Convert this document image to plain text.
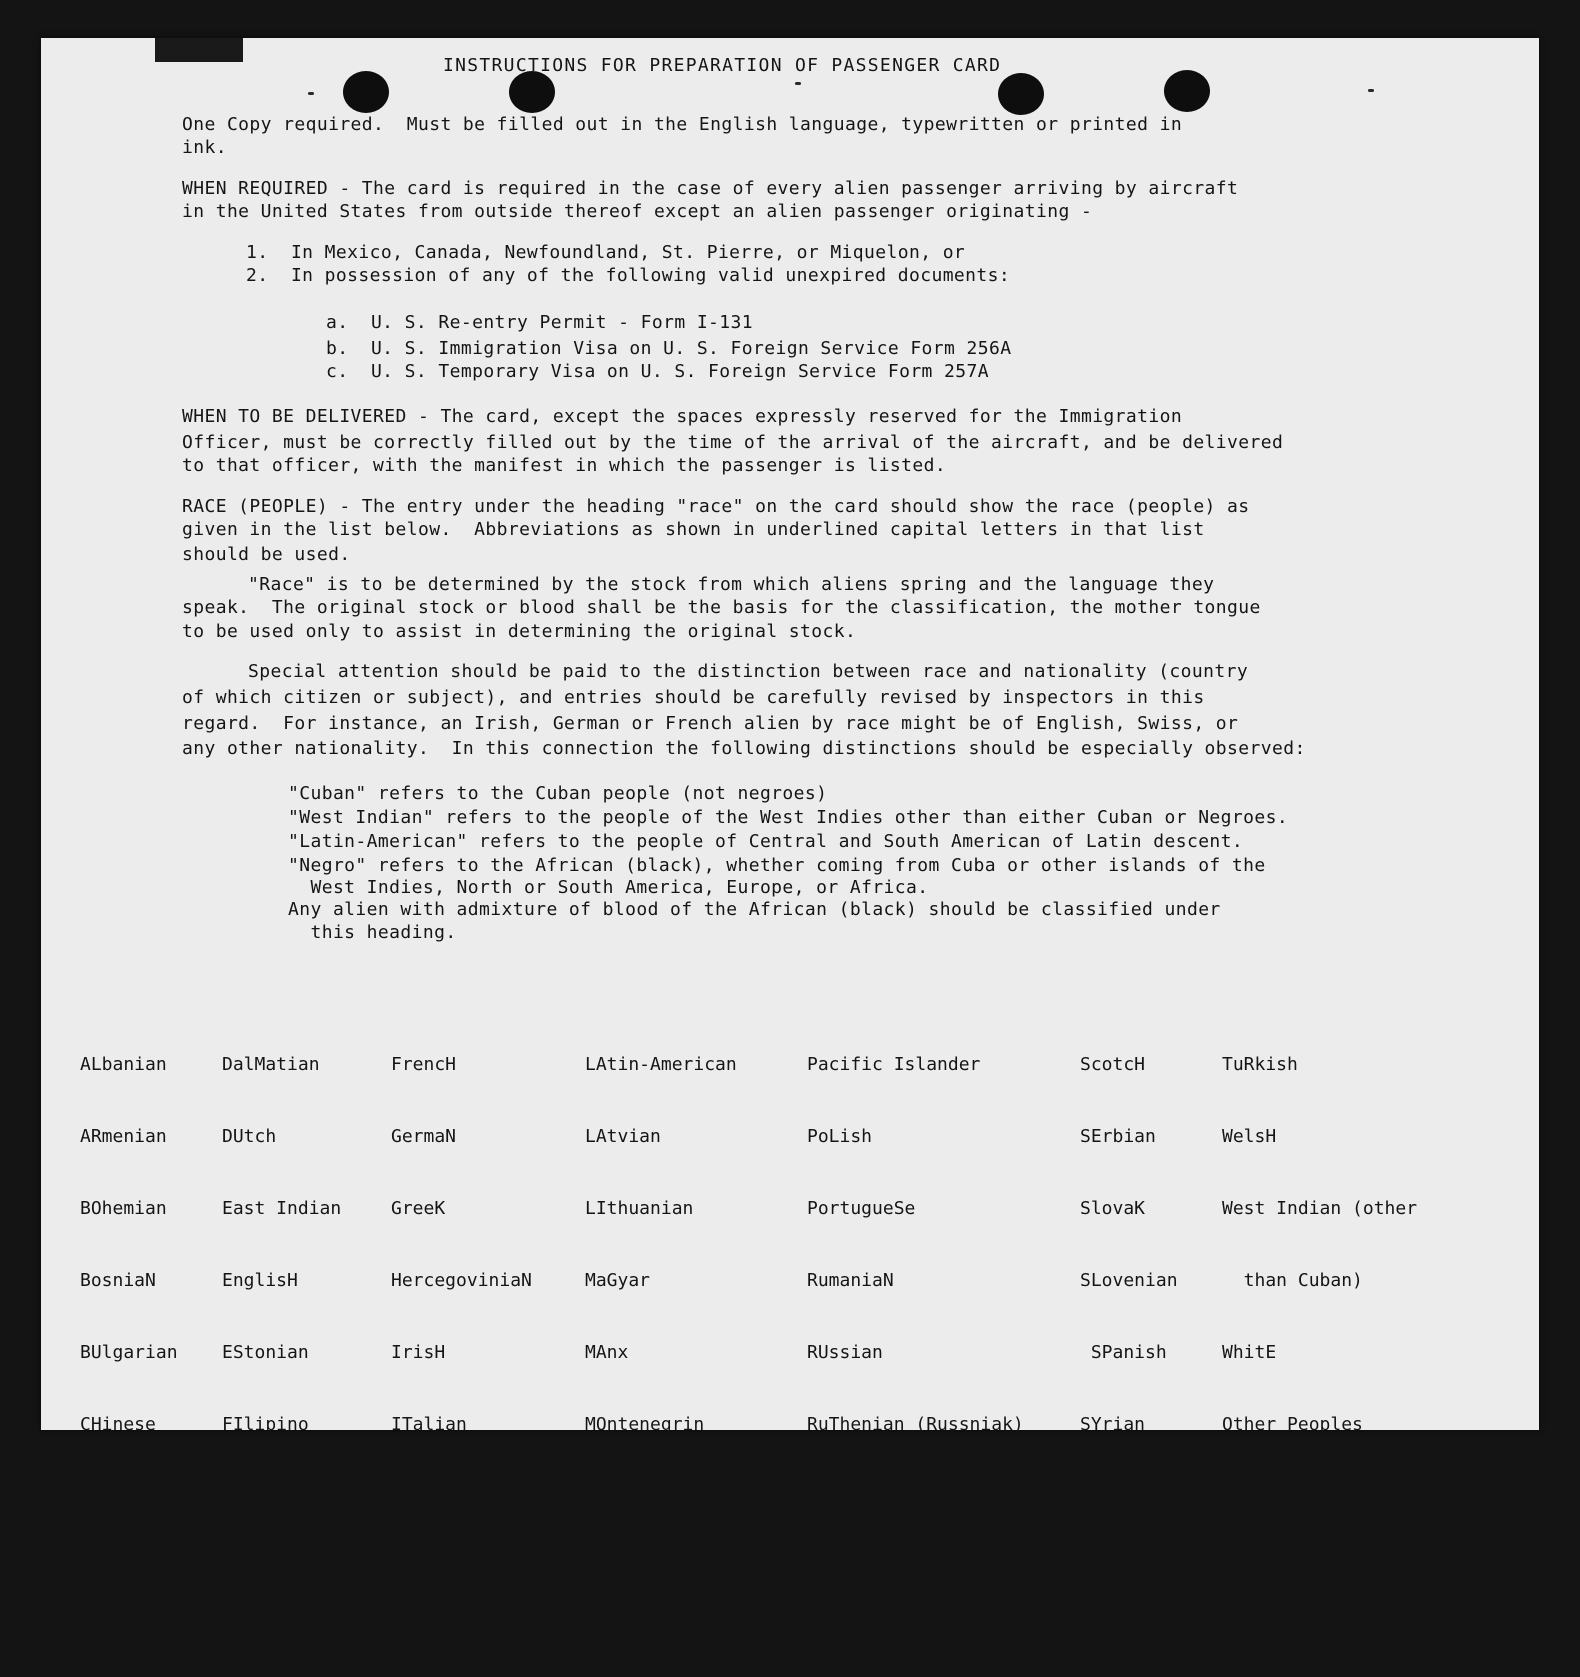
INSTRUCTIONS FOR PREPARATION OF PASSENGER CARD
One Copy required.  Must be filled out in the English language, typewritten or printed in
ink.
WHEN REQUIRED - The card is required in the case of every alien passenger arriving by aircraft
in the United States from outside thereof except an alien passenger originating -
1.  In Mexico, Canada, Newfoundland, St. Pierre, or Miquelon, or
2.  In possession of any of the following valid unexpired documents:
a.  U. S. Re-entry Permit - Form I-131
b.  U. S. Immigration Visa on U. S. Foreign Service Form 256A
c.  U. S. Temporary Visa on U. S. Foreign Service Form 257A
WHEN TO BE DELIVERED - The card, except the spaces expressly reserved for the Immigration
Officer, must be correctly filled out by the time of the arrival of the aircraft, and be delivered
to that officer, with the manifest in which the passenger is listed.
RACE (PEOPLE) - The entry under the heading "race" on the card should show the race (people) as
given in the list below.  Abbreviations as shown in underlined capital letters in that list
should be used.
"Race" is to be determined by the stock from which aliens spring and the language they
speak.  The original stock or blood shall be the basis for the classification, the mother tongue
to be used only to assist in determining the original stock.
Special attention should be paid to the distinction between race and nationality (country
of which citizen or subject), and entries should be carefully revised by inspectors in this
regard.  For instance, an Irish, German or French alien by race might be of English, Swiss, or
any other nationality.  In this connection the following distinctions should be especially observed:
"Cuban" refers to the Cuban people (not negroes)
"West Indian" refers to the people of the West Indies other than either Cuban or Negroes.
"Latin-American" refers to the people of Central and South American of Latin descent.
"Negro" refers to the African (black), whether coming from Cuba or other islands of the
West Indies, North or South America, Europe, or Africa.
Any alien with admixture of blood of the African (black) should be classified under
this heading.

ALbanian

ARmenian

BOhemian

BosniaN

BUlgarian

CHinese

CRoatian

CUban

DalMatian

DUtch

East Indian

EnglisH

EStonian

FIlipino

FINish

FLemish

FrencH

GermaN

GreeK

HercegoviniaN

IrisH

ITalian

JaPanese

KoreaN

LAtin-American

LAtvian

LIthuanian

MaGyar

MAnx

MOntenegrin

MoraviaN

NEgro

Pacific Islander

PoLish

PortugueSe

RumaniaN

RUssian

RuThenian (Russniak)

ScandinaviaN (Norwe-

gians, Danes, and

Swedes)

ScotcH

SErbian

SlovaK

SLovenian

SPanish

SYrian

TuRkish

WelsH

West Indian (other

than Cuban)

WhitE

Other Peoples
